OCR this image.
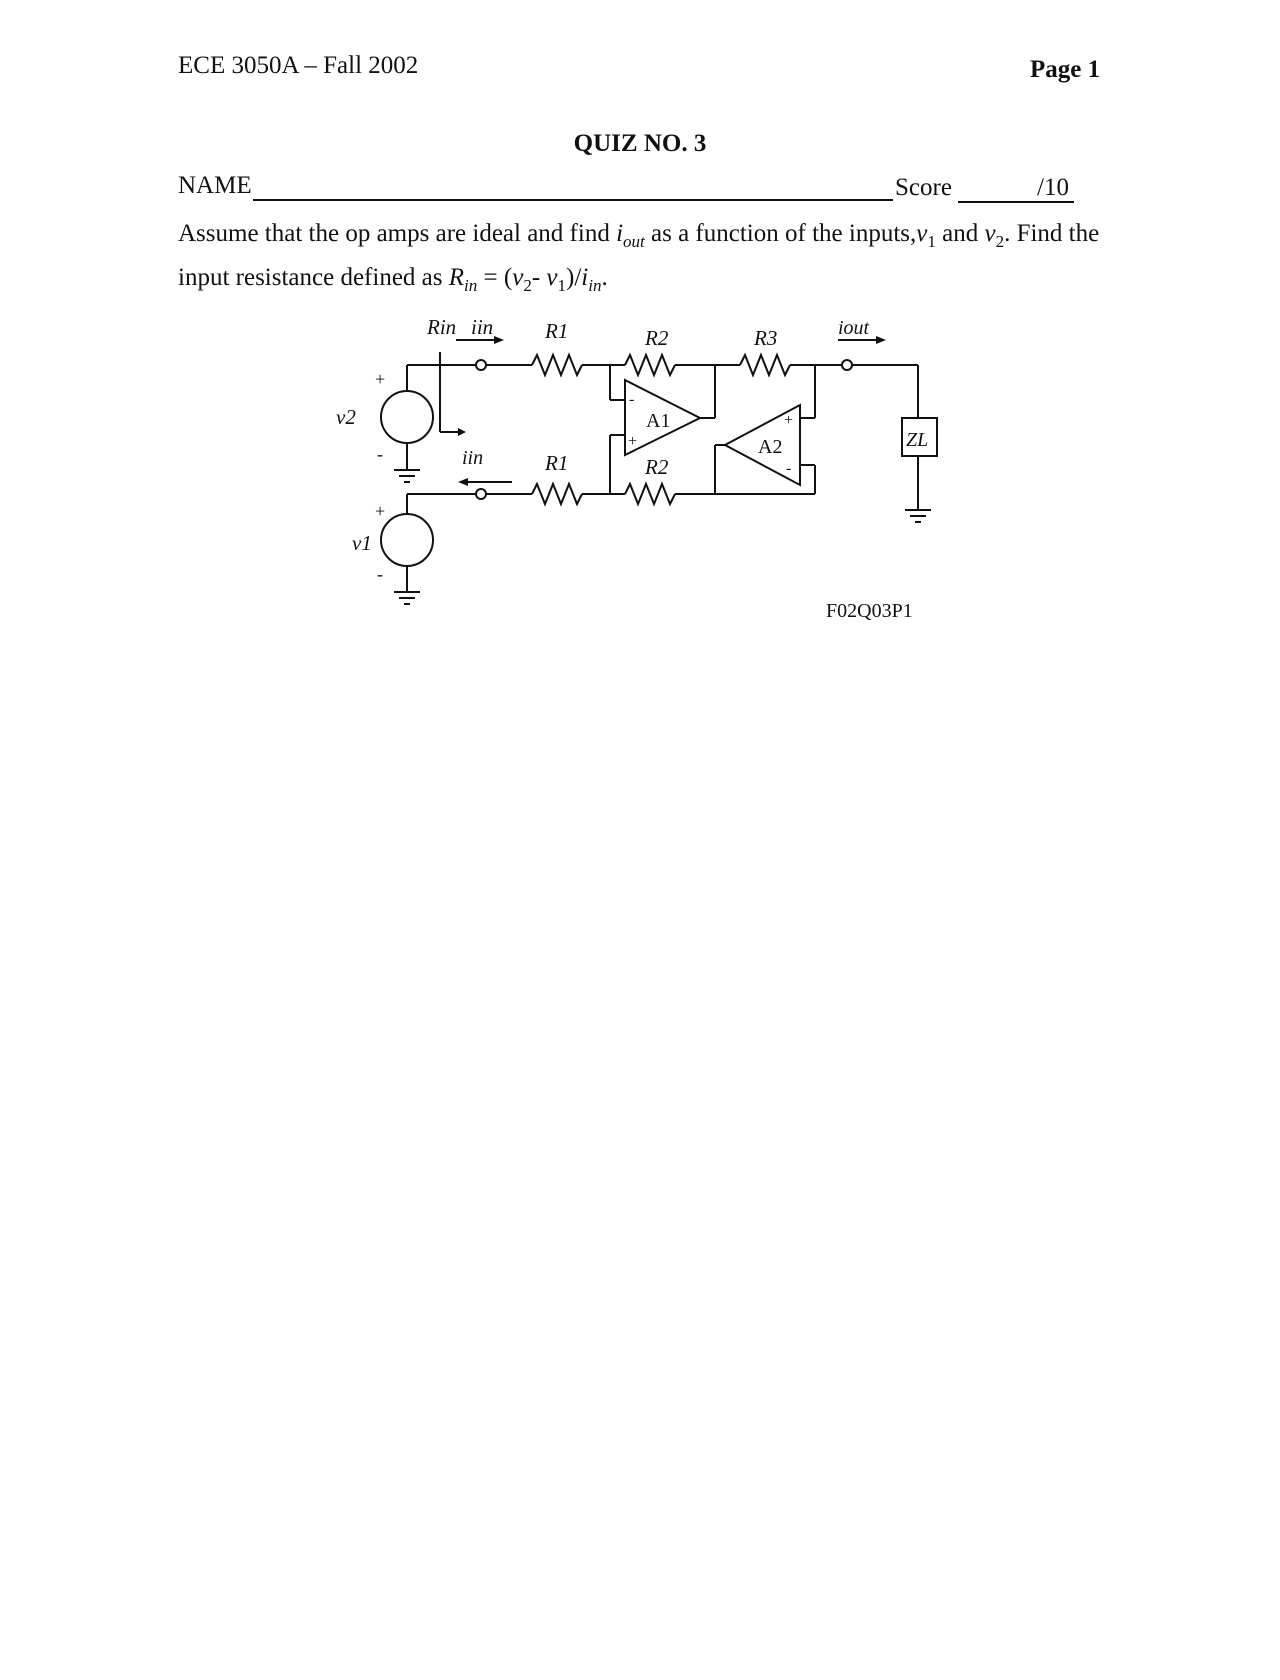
ECE 3050A – Fall 2002	Page 1
QUIZ NO. 3
NAME	Score	/10
Assume that the op amps are ideal and find $i_{out}$ as a function of the $inputs,v_1$ and $v_2$. Find the input resistance defined as $R_{in} = (v_2-$ $v_1)/i_{in}$.
Rin iin
iin
R1
R1
R2
R2
R3	iout
A1
A2
v2
v1
ZL
+
-
+
-
-
+
+
-
F02Q03P1
